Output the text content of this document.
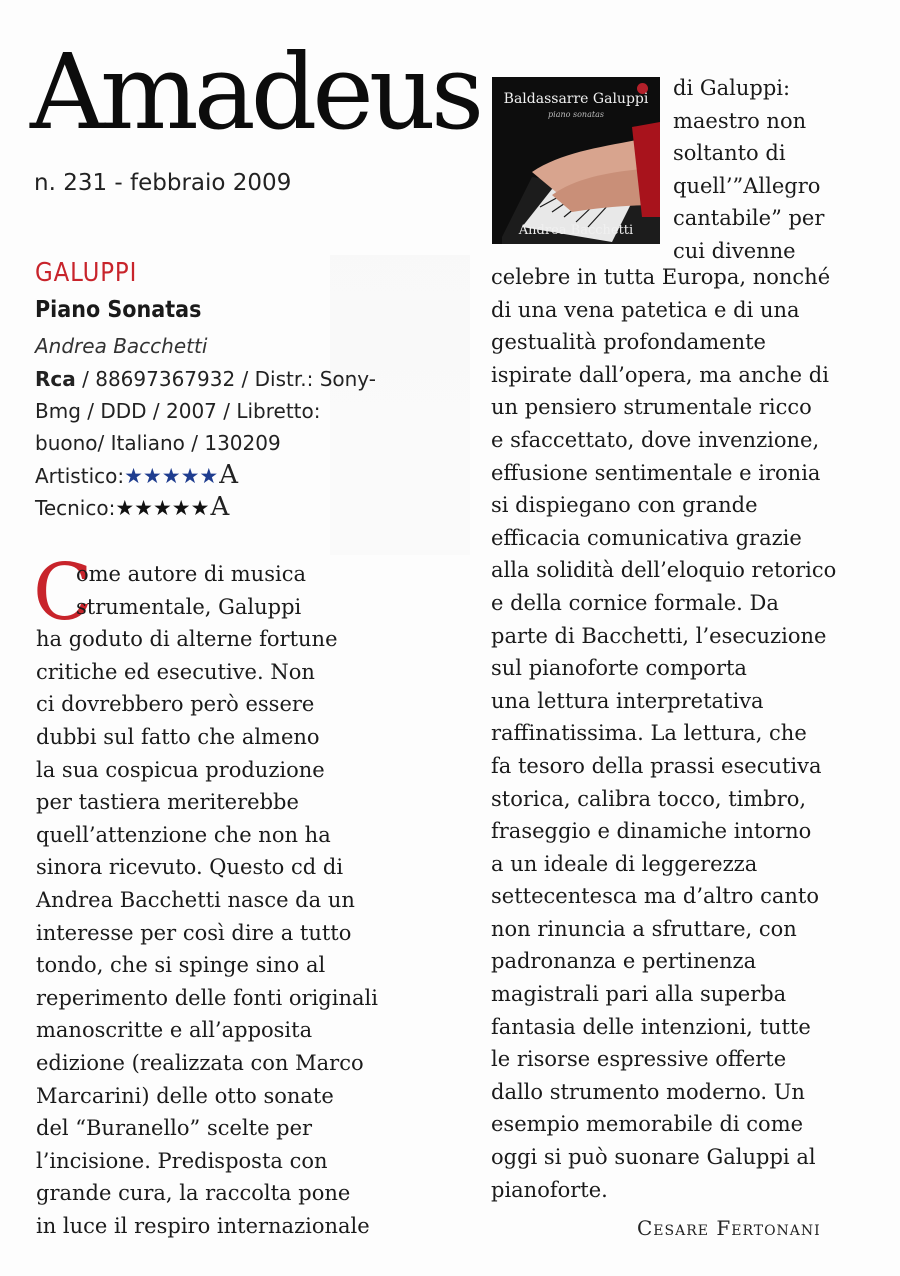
Amadeus
n. 231 - febbraio 2009
GALUPPI
Piano Sonatas
Andrea Bacchetti
Rca / 88697367932 / Distr.: Sony-
Bmg / DDD / 2007 / Libretto:
buono/ Italiano / 130209
Artistico:★★★★★A
Tecnico:★★★★★A
C
ome autore di musica
strumentale, Galuppi
ha goduto di alterne fortune
critiche ed esecutive. Non
ci dovrebbero però essere
dubbi sul fatto che almeno
la sua cospicua produzione
per tastiera meriterebbe
quell’attenzione che non ha
sinora ricevuto. Questo cd di
Andrea Bacchetti nasce da un
interesse per così dire a tutto
tondo, che si spinge sino al
reperimento delle fonti originali
manoscritte e all’apposita
edizione (realizzata con Marco
Marcarini) delle otto sonate
del “Buranello” scelte per
l’incisione. Predisposta con
grande cura, la raccolta pone
in luce il respiro internazionale
Baldassarre Galuppi
piano sonatas
Andrea Bacchetti
di Galuppi:
maestro non
soltanto di
quell’”Allegro
cantabile” per
cui divenne
celebre in tutta Europa, nonché
di una vena patetica e di una
gestualità profondamente
ispirate dall’opera, ma anche di
un pensiero strumentale ricco
e sfaccettato, dove invenzione,
effusione sentimentale e ironia
si dispiegano con grande
efficacia comunicativa grazie
alla solidità dell’eloquio retorico
e della cornice formale. Da
parte di Bacchetti, l’esecuzione
sul pianoforte comporta
una lettura interpretativa
raffinatissima. La lettura, che
fa tesoro della prassi esecutiva
storica, calibra tocco, timbro,
fraseggio e dinamiche intorno
a un ideale di leggerezza
settecentesca ma d’altro canto
non rinuncia a sfruttare, con
padronanza e pertinenza
magistrali pari alla superba
fantasia delle intenzioni, tutte
le risorse espressive offerte
dallo strumento moderno. Un
esempio memorabile di come
oggi si può suonare Galuppi al
pianoforte.
Cesare Fertonani
